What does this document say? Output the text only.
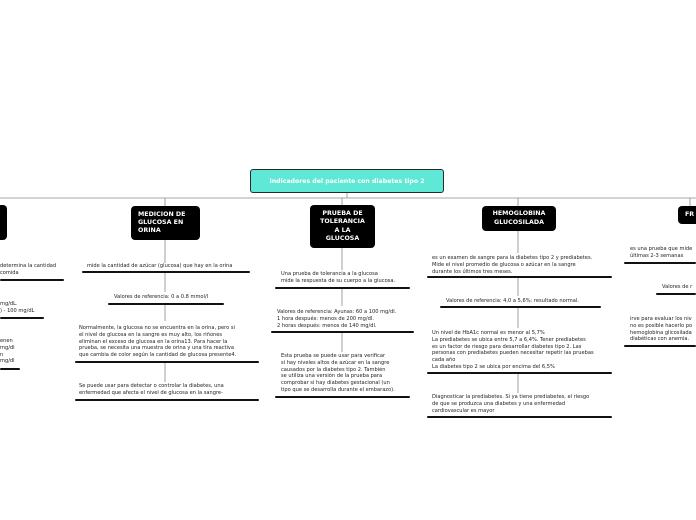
Indicadores del paciente con diabetes tipo 2
determina la cantidad
comida
mg/dL.
) - 100 mg/dL
enen
mg/dl
n
mg/dl
MEDICION DE
GLUCOSA EN
ORINA
mide la cantidad de azúcar (glucosa) que hay en la orina
Valores de referencia: 0 a 0.8 mmol/l
Normalmente, la glucosa no se encuentra en la orina, pero si
el nivel de glucosa en la sangre es muy alto, los riñones
eliminan el exceso de glucosa en la orina13. Para hacer la
prueba, se necesita una muestra de orina y una tira reactiva
que cambia de color según la cantidad de glucosa presente4.
Se puede usar para detectar o controlar la diabetes, una
enfermedad que afecta el nivel de glucosa en la sangre-
PRUEBA DE
TOLERANCIA
A LA
GLUCOSA
Una prueba de tolerancia a la glucosa
mide la respuesta de su cuerpo a la glucosa.
Valores de referencia: Ayunas: 60 a 100 mg/dl.
1 hora después: menos de 200 mg/dl.
2 horas después: menos de 140 mg/dl.
Esta prueba se puede usar para verificar
si hay niveles altos de azúcar en la sangre
causados por la diabetes tipo 2. También
se utiliza una versión de la prueba para
comprobar si hay diabetes gestacional (un
tipo que se desarrolla durante el embarazo).
HEMOGLOBINA
GLUCOSILADA
es un examen de sangre para la diabetes tipo 2 y prediabetes.
Mide el nivel promedio de glucosa o azúcar en la sangre
durante los últimos tres meses.
Valores de referencia: 4,0 a 5,6%: resultado normal.
Un nivel de HbA1c normal es menor al 5,7%
La prediabetes se ubica entre 5,7 a 6,4%. Tener prediabetes
es un factor de riesgo para desarrollar diabetes tipo 2. Las
personas con prediabetes pueden necesitar repetir las pruebas
cada año
La diabetes tipo 2 se ubica por encima del 6,5%
Diagnosticar la prediabetes. Si ya tiene prediabetes, el riesgo
de que se produzca una diabetes y una enfermedad
cardiovascular es mayor
FR
es una prueba que mide
últimas 2-3 semanas
Valores de r
irve para evaluar los niv
no es posible hacerlo po
hemoglobina glicosilada
diabéticas con anemia.
